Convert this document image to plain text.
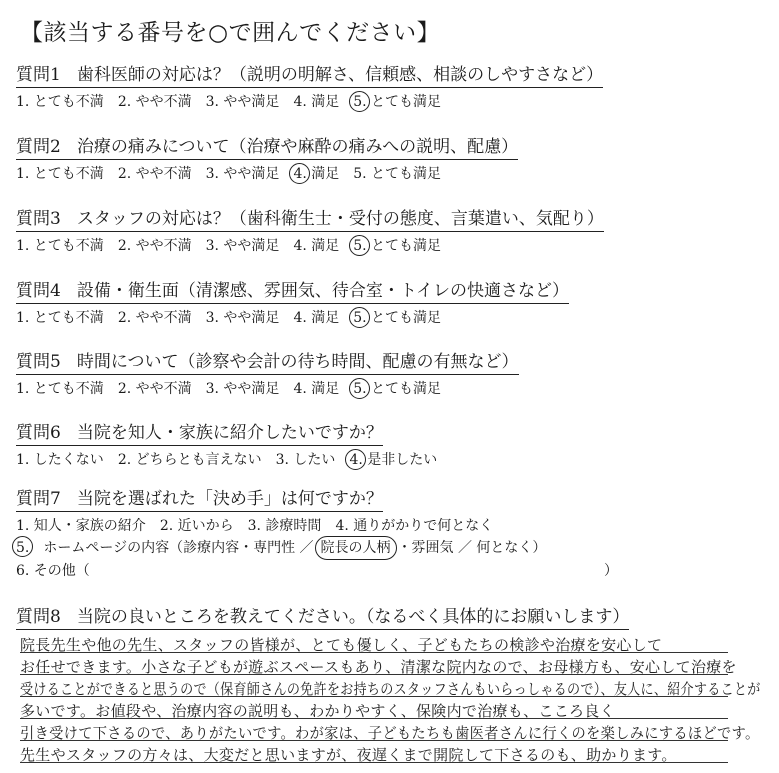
【該当する番号を○で囲んでください】
質問1 歯科医師の対応は？（説明の明解さ、信頼感、相談のしやすさなど）
1. とても不満 2. やや不満 3. やや満足 4. 満足 5. とても満足
質問2 治療の痛みについて（治療や麻酔の痛みへの説明、配慮）
1. とても不満 2. やや不満 3. やや満足 4. 満足 5. とても満足
質問3 スタッフの対応は？（歯科衛生士・受付の態度、言葉遣い、気配り）
1. とても不満 2. やや不満 3. やや満足 4. 満足 5. とても満足
質問4 設備・衛生面（清潔感、雰囲気、待合室・トイレの快適さなど）
1. とても不満 2. やや不満 3. やや満足 4. 満足 5. とても満足
質問5 時間について（診察や会計の待ち時間、配慮の有無など）
1. とても不満 2. やや不満 3. やや満足 4. 満足 5. とても満足
質問6 当院を知人・家族に紹介したいですか？
1. したくない 2. どちらとも言えない 3. したい 4. 是非したい
質問7 当院を選ばれた「決め手」は何ですか？
1. 知人・家族の紹介 2. 近いから 3. 診療時間 4. 通りがかりで何となく
5. ホームページの内容（診療内容・専門性 ／ 院長の人柄 ・雰囲気 ／ 何となく）
6. その他（	）
質問8 当院の良いところを教えてください。（なるべく具体的にお願いします）
院長先生や他の先生、スタッフの皆様が、とても優しく、子どもたちの検診や治療を安心して
お任せできます。小さな子どもが遊ぶスペースもあり、清潔な院内なので、お母様方も、安心して治療を
受けることができると思うので（保育師さんの免許をお持ちのスタッフさんもいらっしゃるので）、友人に、紹介することが
多いです。お値段や、治療内容の説明も、わかりやすく、保険内で治療も、こころ良く
引き受けて下さるので、ありがたいです。わが家は、子どもたちも歯医者さんに行くのを楽しみにするほどです。
先生やスタッフの方々は、大変だと思いますが、夜遅くまで開院して下さるのも、助かります。
